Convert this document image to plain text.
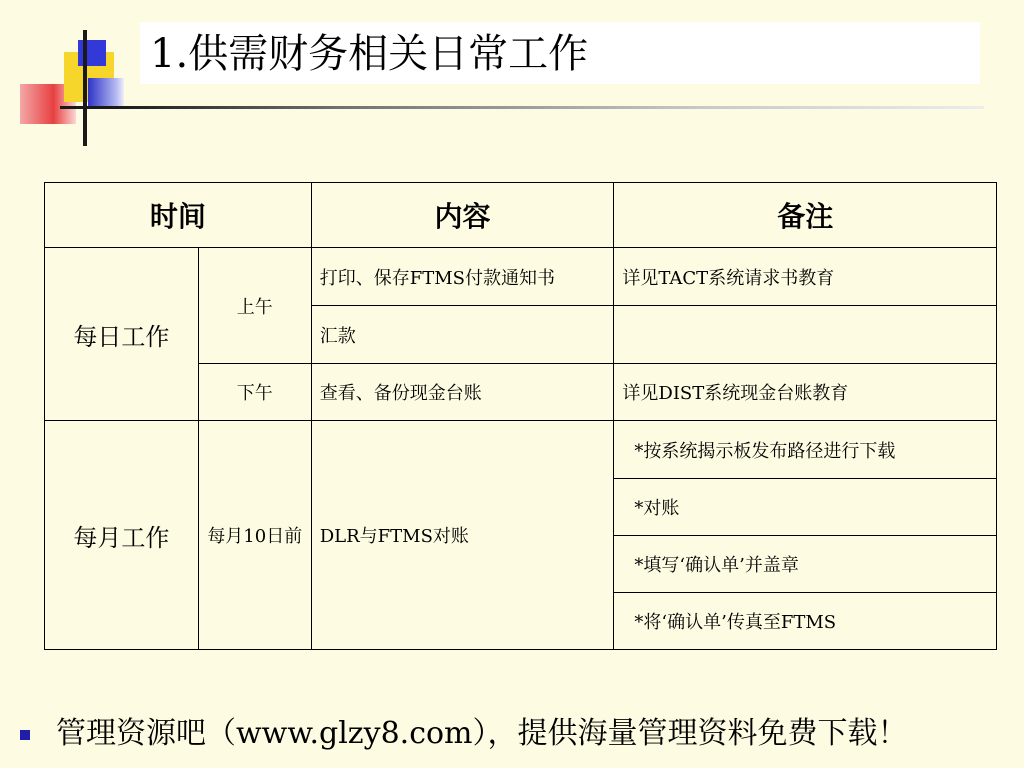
1.供需财务相关日常工作
时间		内容	备注
每日工作	上午	打印、保存FTMS付款通知书	详见TACT系统请求书教育
		汇款	
	下午	查看、备份现金台账	详见DIST系统现金台账教育
每月工作	每月10日前	DLR与FTMS对账	*按系统揭示板发布路径进行下载
			*对账
			*填写‘确认单’并盖章
			*将‘确认单’传真至FTMS
管理资源吧（www.glzy8.com），提供海量管理资料免费下载！
